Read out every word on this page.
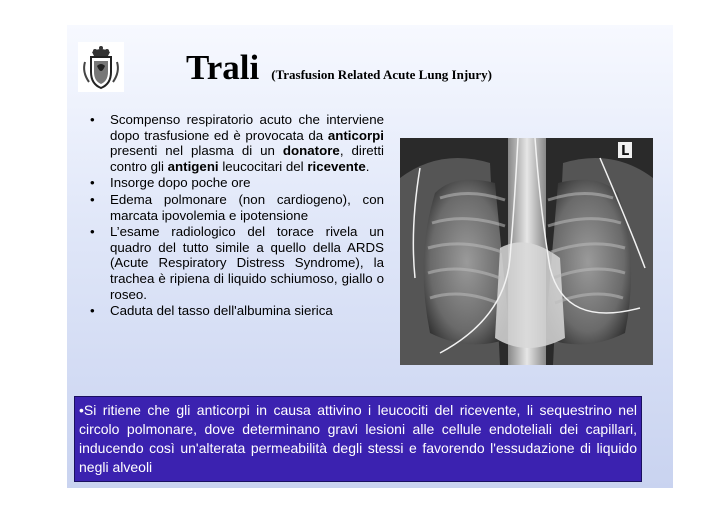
Trali (Trasfusion Related Acute Lung Injury)
• Scompenso respiratorio acuto che interviene dopo trasfusione ed è provocata da anticorpi presenti nel plasma di un donatore, diretti contro gli antigeni leucocitari del ricevente.
• Insorge dopo poche ore
• Edema polmonare (non cardiogeno), con marcata ipovolemia e ipotensione
• L’esame radiologico del torace rivela un quadro del tutto simile a quello della ARDS (Acute Respiratory Distress Syndrome), la trachea è ripiena di liquido schiumoso, giallo o roseo.
• Caduta del tasso dell'albumina sierica
L
•Si ritiene che gli anticorpi in causa attivino i leucociti del ricevente, li sequestrino nel circolo polmonare, dove determinano gravi lesioni alle cellule endoteliali dei capillari, inducendo così un'alterata permeabilità degli stessi e favorendo l'essudazione di liquido negli alveoli
